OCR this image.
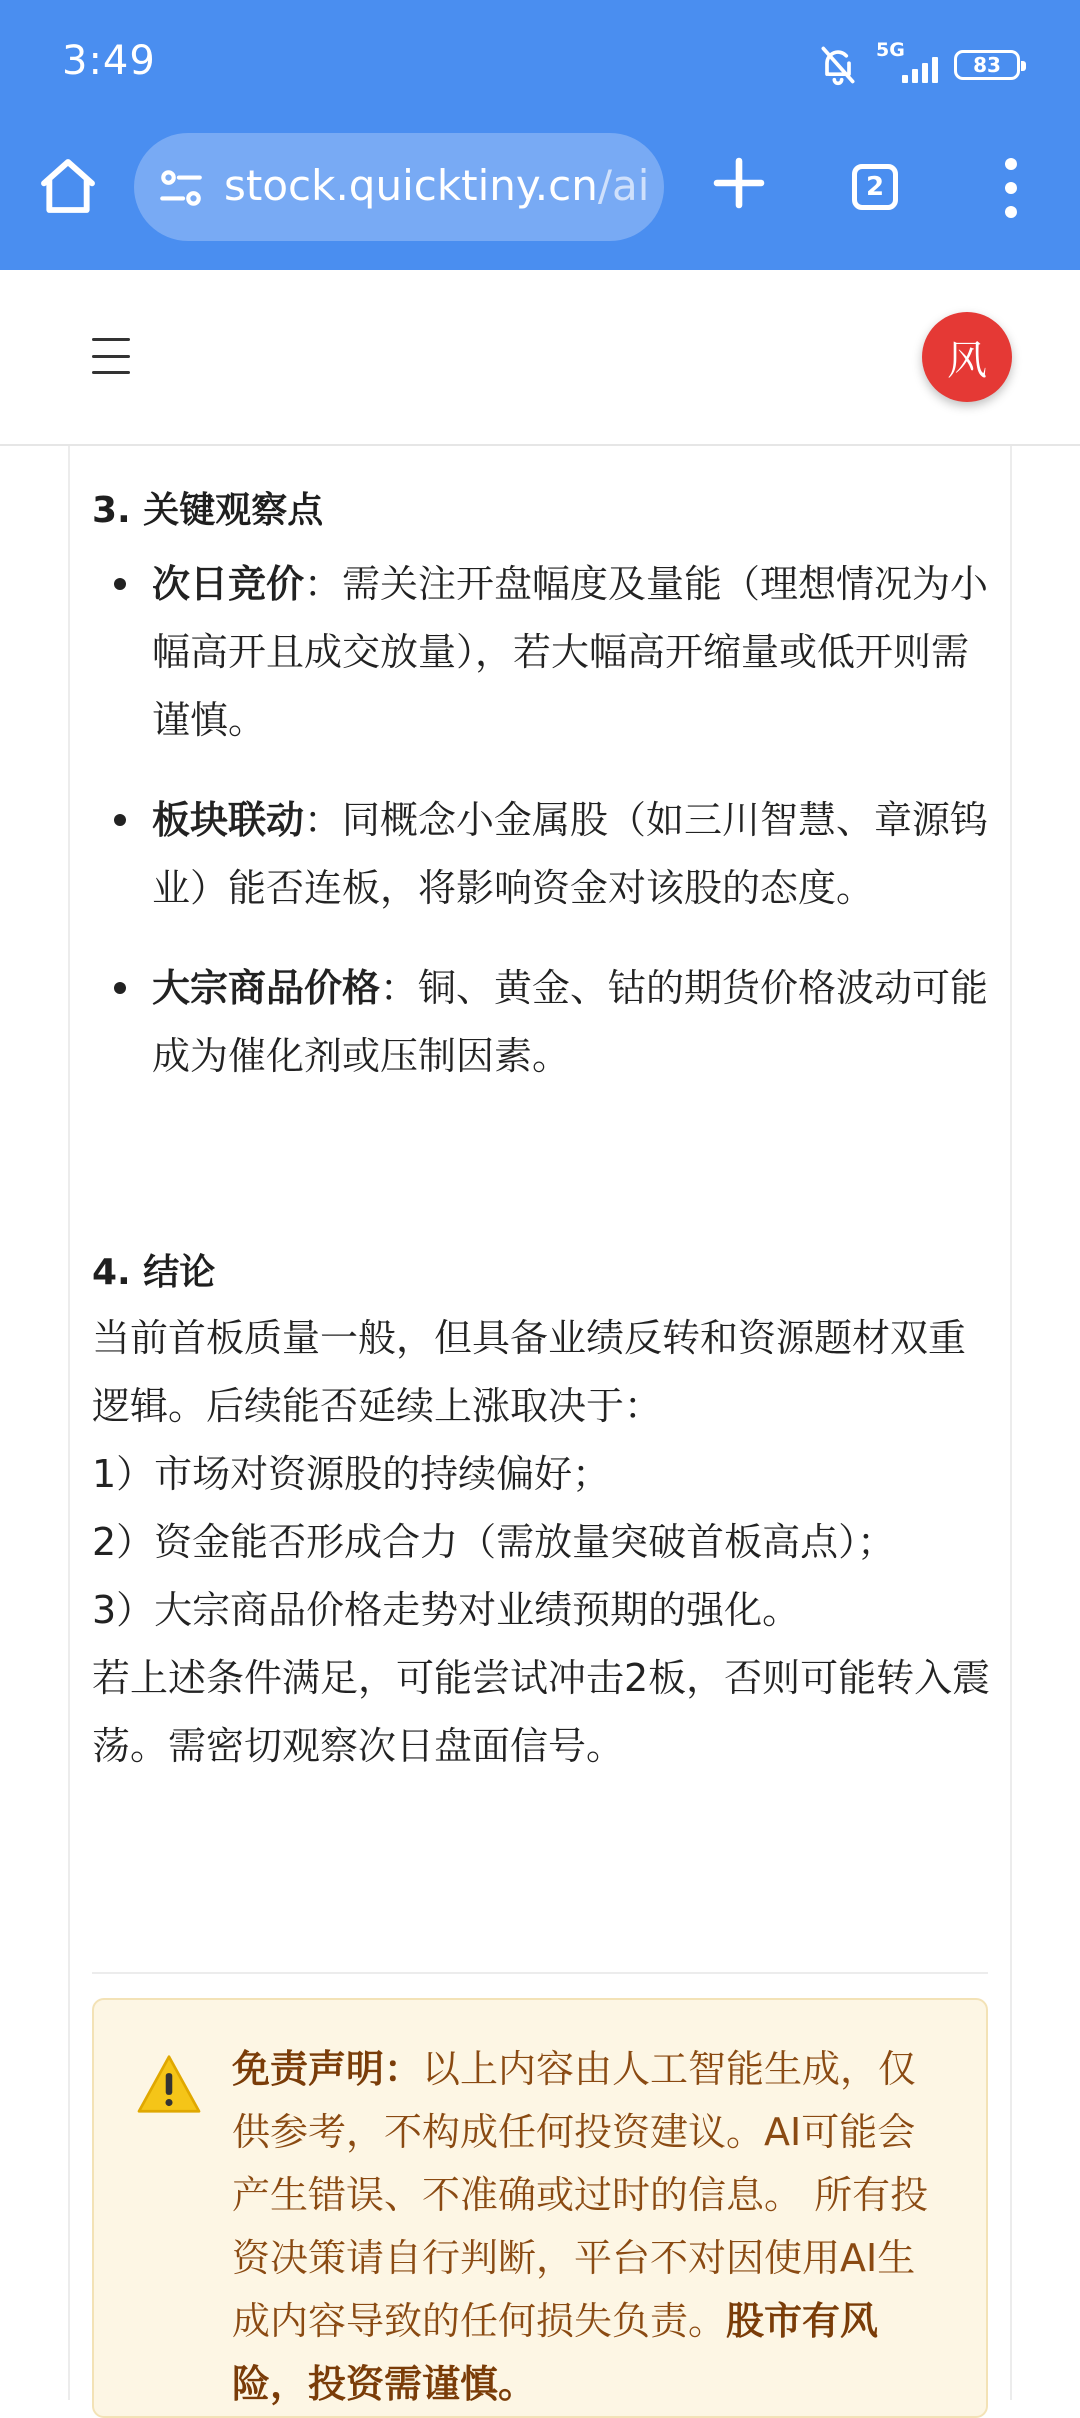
3:49	5G
83
stock.quicktiny.cn/ai	2
风
3. 关键观察点
次日竞价：需关注开盘幅度及量能（理想情况为小幅高开且成交放量），若大幅高开缩量或低开则需谨慎。
板块联动：同概念小金属股（如三川智慧、章源钨业）能否连板，将影响资金对该股的态度。
大宗商品价格：铜、黄金、钴的期货价格波动可能成为催化剂或压制因素。
4. 结论

当前首板质量一般，但具备业绩反转和资源题材双重逻辑。后续能否延续上涨取决于：

1）市场对资源股的持续偏好；

2）资金能否形成合力（需放量突破首板高点）；

3）大宗商品价格走势对业绩预期的强化。

若上述条件满足，可能尝试冲击2板，否则可能转入震荡。需密切观察次日盘面信号。

免责声明：以上内容由人工智能生成，仅供参考，不构成任何投资建议。AI可能会产生错误、不准确或过时的信息。 所有投资决策请自行判断，平台不对因使用AI生成内容导致的任何损失负责。股市有风险，投资需谨慎。
